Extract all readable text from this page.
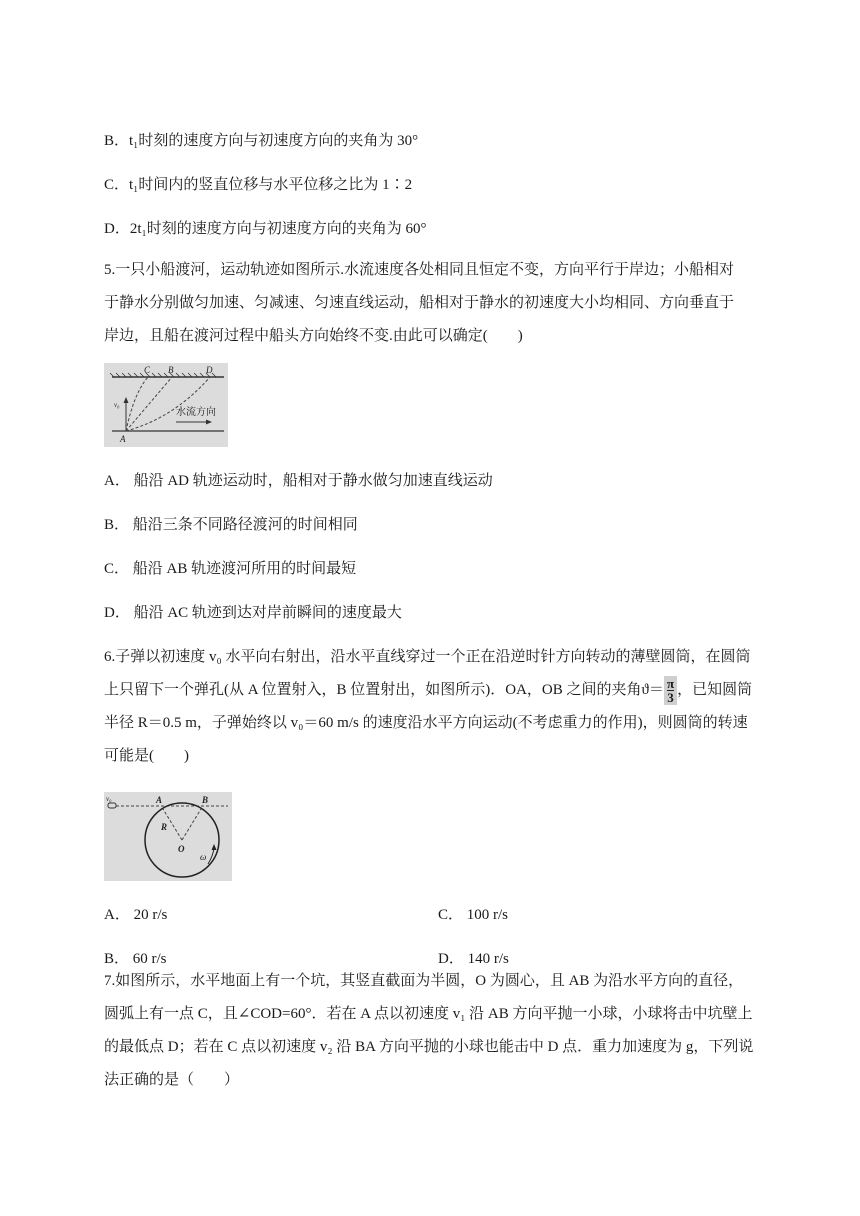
B．t₁时刻的速度方向与初速度方向的夹角为 30°
C．t₁时间内的竖直位移与水平位移之比为 1∶2
D．2t₁时刻的速度方向与初速度方向的夹角为 60°
5.一只小船渡河，运动轨迹如图所示.水流速度各处相同且恒定不变，方向平行于岸边；小船相对
于静水分别做匀加速、匀减速、匀速直线运动，船相对于静水的初速度大小均相同、方向垂直于
岸边，且船在渡河过程中船头方向始终不变.由此可以确定(　　)
C B	D
A
v₀
水流方向
A． 船沿 AD 轨迹运动时，船相对于静水做匀加速直线运动
B． 船沿三条不同路径渡河的时间相同
C． 船沿 AB 轨迹渡河所用的时间最短
D． 船沿 AC 轨迹到达对岸前瞬间的速度最大
6.子弹以初速度 v₀ 水平向右射出，沿水平直线穿过一个正在沿逆时针方向转动的薄壁圆筒，在圆筒
上只留下一个弹孔(从 A 位置射入，B 位置射出，如图所示)．OA，OB 之间的夹角$ϑ= \frac{\pi}{3}$ ，已知圆筒
半径 R＝0.5 m，子弹始终以 v₀＝60 m/s 的速度沿水平方向运动(不考虑重力的作用)，则圆筒的转速
可能是(　　)
v₀	A	B
R
O
ω
A． 20 r/s	C． 100 r/s
B． 60 r/s	D． 140 r/s
7.如图所示，水平地面上有一个坑，其竖直截面为半圆，O 为圆心，且 AB 为沿水平方向的直径，
圆弧上有一点 C，且∠COD=60°．若在 A 点以初速度 v₁ 沿 AB 方向平抛一小球，小球将击中坑壁上
的最低点 D；若在 C 点以初速度 v₂ 沿 BA 方向平抛的小球也能击中 D 点．重力加速度为 g，下列说
法正确的是（　　）
